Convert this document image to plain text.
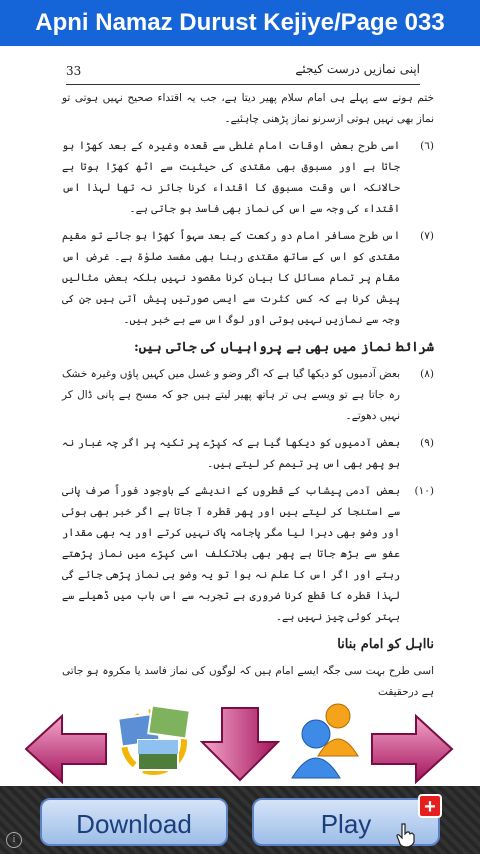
Apni Namaz Durust Kejiye/Page 033
33	اپنی نمازیں درست کیجئے

ختم ہونے سے پہلے ہی امام سلام پھیر دیتا ہے، جب یہ اقتداء صحیح نہیں ہوتی تو نماز بھی نہیں ہوتی ازسرنو نماز پڑھنی چاہئیے۔

(٦)
اسی طرح بعض اوقات امام غلطی سے قعدہ وغیرہ کے بعد کھڑا ہو جاتا ہے اور مسبوق بھی مقتدی کی حیثیت سے اٹھ کھڑا ہوتا ہے حالانکہ اس وقت مسبوق کا اقتداء کرنا جائز نہ تھا لہذا اس اقتداء کی وجہ سے اس کی نماز بھی فاسد ہو جاتی ہے۔
(٧)
اس طرح مسافر امام دو رکعت کے بعد سہواً کھڑا ہو جائے تو مقیم مقتدی کو اس کے ساتھ مقتدی رہنا بھی مفسد صلوٰۃ ہے۔ غرض اس مقام پر تمام مسائل کا بیان کرنا مقصود نہیں بلکہ بعض مثالیں پیش کرنا ہے کہ کس کثرت سے ایسی صورتیں پیش آتی ہیں جن کی وجہ سے نمازیں نہیں ہوتی اور لوگ اس سے بے خبر ہیں۔
شرائط نماز میں بھی بے پرواہیاں کی جاتی ہیں:
(٨)
بعض آدمیوں کو دیکھا گیا ہے کہ اگر وضو و غسل میں کہیں پاؤں وغیرہ خشک رہ جاتا ہے تو ویسے ہی تر ہاتھ پھیر لیتے ہیں جو کہ مسح ہے پانی ڈال کر نہیں دھوتے۔
(٩)
بعض آدمیوں کو دیکھا گیا ہے کہ کپڑے پر تکیہ پر اگر چہ غبار نہ ہو پھر بھی اس پر تیمم کر لیتے ہیں۔
(١٠)
بعض آدمی پیشاب کے قطروں کے اندیشے کے باوجود فوراً صرف پانی سے استنجا کر لیتے ہیں اور پھر قطرہ آ جاتا ہے اگر خبر بھی ہوئی اور وضو بھی دہرا لیا مگر پاجامہ پاک نہیں کرتے اور یہ بھی مقدار عفو سے بڑھ جاتا ہے پھر بھی بلاتکلف اسی کپڑے میں نماز پڑھتے رہتے اور اگر اس کا علم نہ ہوا تو یہ وضو ہی نماز پڑھی جائے گی لہذا قطرہ کا قطع کرنا ضروری ہے تجربہ سے اس باب میں ڈھیلے سے بہتر کوئی چیز نہیں ہے۔
نااہل کو امام بنانا

اسی طرح بہت سی جگہ ایسے امام ہیں کہ لوگوں کی نماز فاسد یا مکروہ ہو جاتی ہے درحقیقت

Download	Play
+
i
